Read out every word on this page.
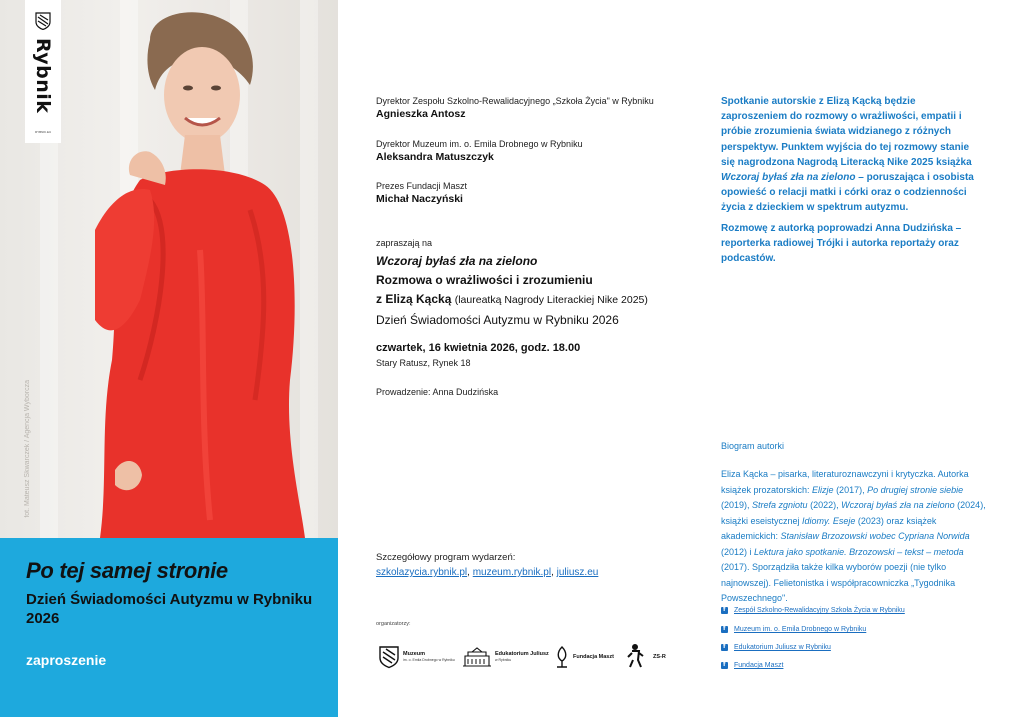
fot. Mateusz Skwarczek / Agencja Wyborcza
Rybnik
RYBNIK.EU
Po tej samej stronie
Dzień Świadomości Autyzmu w Rybniku 2026
zaproszenie
Dyrektor Zespołu Szkolno-Rewalidacyjnego „Szkoła Życia" w Rybniku
Agnieszka Antosz
Dyrektor Muzeum im. o. Emila Drobnego w Rybniku
Aleksandra Matuszczyk
Prezes Fundacji Maszt
Michał Naczyński
zapraszają na
Wczoraj byłaś zła na zielono
Rozmowa o wrażliwości i zrozumieniu
z Elizą Kącką (laureatką Nagrody Literackiej Nike 2025)
Dzień Świadomości Autyzmu w Rybniku 2026
czwartek, 16 kwietnia 2026, godz. 18.00
Stary Ratusz, Rynek 18
Prowadzenie: Anna Dudzińska
Szczegółowy program wydarzeń:
szkolazycia.rybnik.pl, muzeum.rybnik.pl, juliusz.eu
organizatorzy:
Muzeum
im. o. Emila Drobnego w Rybniku
Edukatorium Juliusz
w Rybniku
Fundacja Maszt	ZS-R
Spotkanie autorskie z Elizą Kącką będzie zaproszeniem do rozmowy o wrażliwości, empatii i próbie zrozumienia świata widzianego z różnych perspektyw. Punktem wyjścia do tej rozmowy stanie się nagrodzona Nagrodą Literacką Nike 2025 książka Wczoraj byłaś zła na zielono – poruszająca i osobista opowieść o relacji matki i córki oraz o codzienności życia z dzieckiem w spektrum autyzmu.
Rozmowę z autorką poprowadzi Anna Dudzińska – reporterka radiowej Trójki i autorka reportaży oraz podcastów.
Biogram autorki
Eliza Kącka – pisarka, literaturoznawczyni i krytyczka. Autorka książek prozatorskich: Elizje (2017), Po drugiej stronie siebie (2019), Strefa zgniotu (2022), Wczoraj byłaś zła na zielono (2024), książki eseistycznej Idiomy. Eseje (2023) oraz książek akademickich: Stanisław Brzozowski wobec Cypriana Norwida (2012) i Lektura jako spotkanie. Brzozowski – tekst – metoda (2017). Sporządziła także kilka wyborów poezji (nie tylko najnowszej). Felietonistka i współpracowniczka „Tygodnika Powszechnego".
f
Zespół Szkolno-Rewalidacyjny Szkoła Życia w Rybniku
f
Muzeum im. o. Emila Drobnego w Rybniku
f
Edukatorium Juliusz w Rybniku
f
Fundacja Maszt
